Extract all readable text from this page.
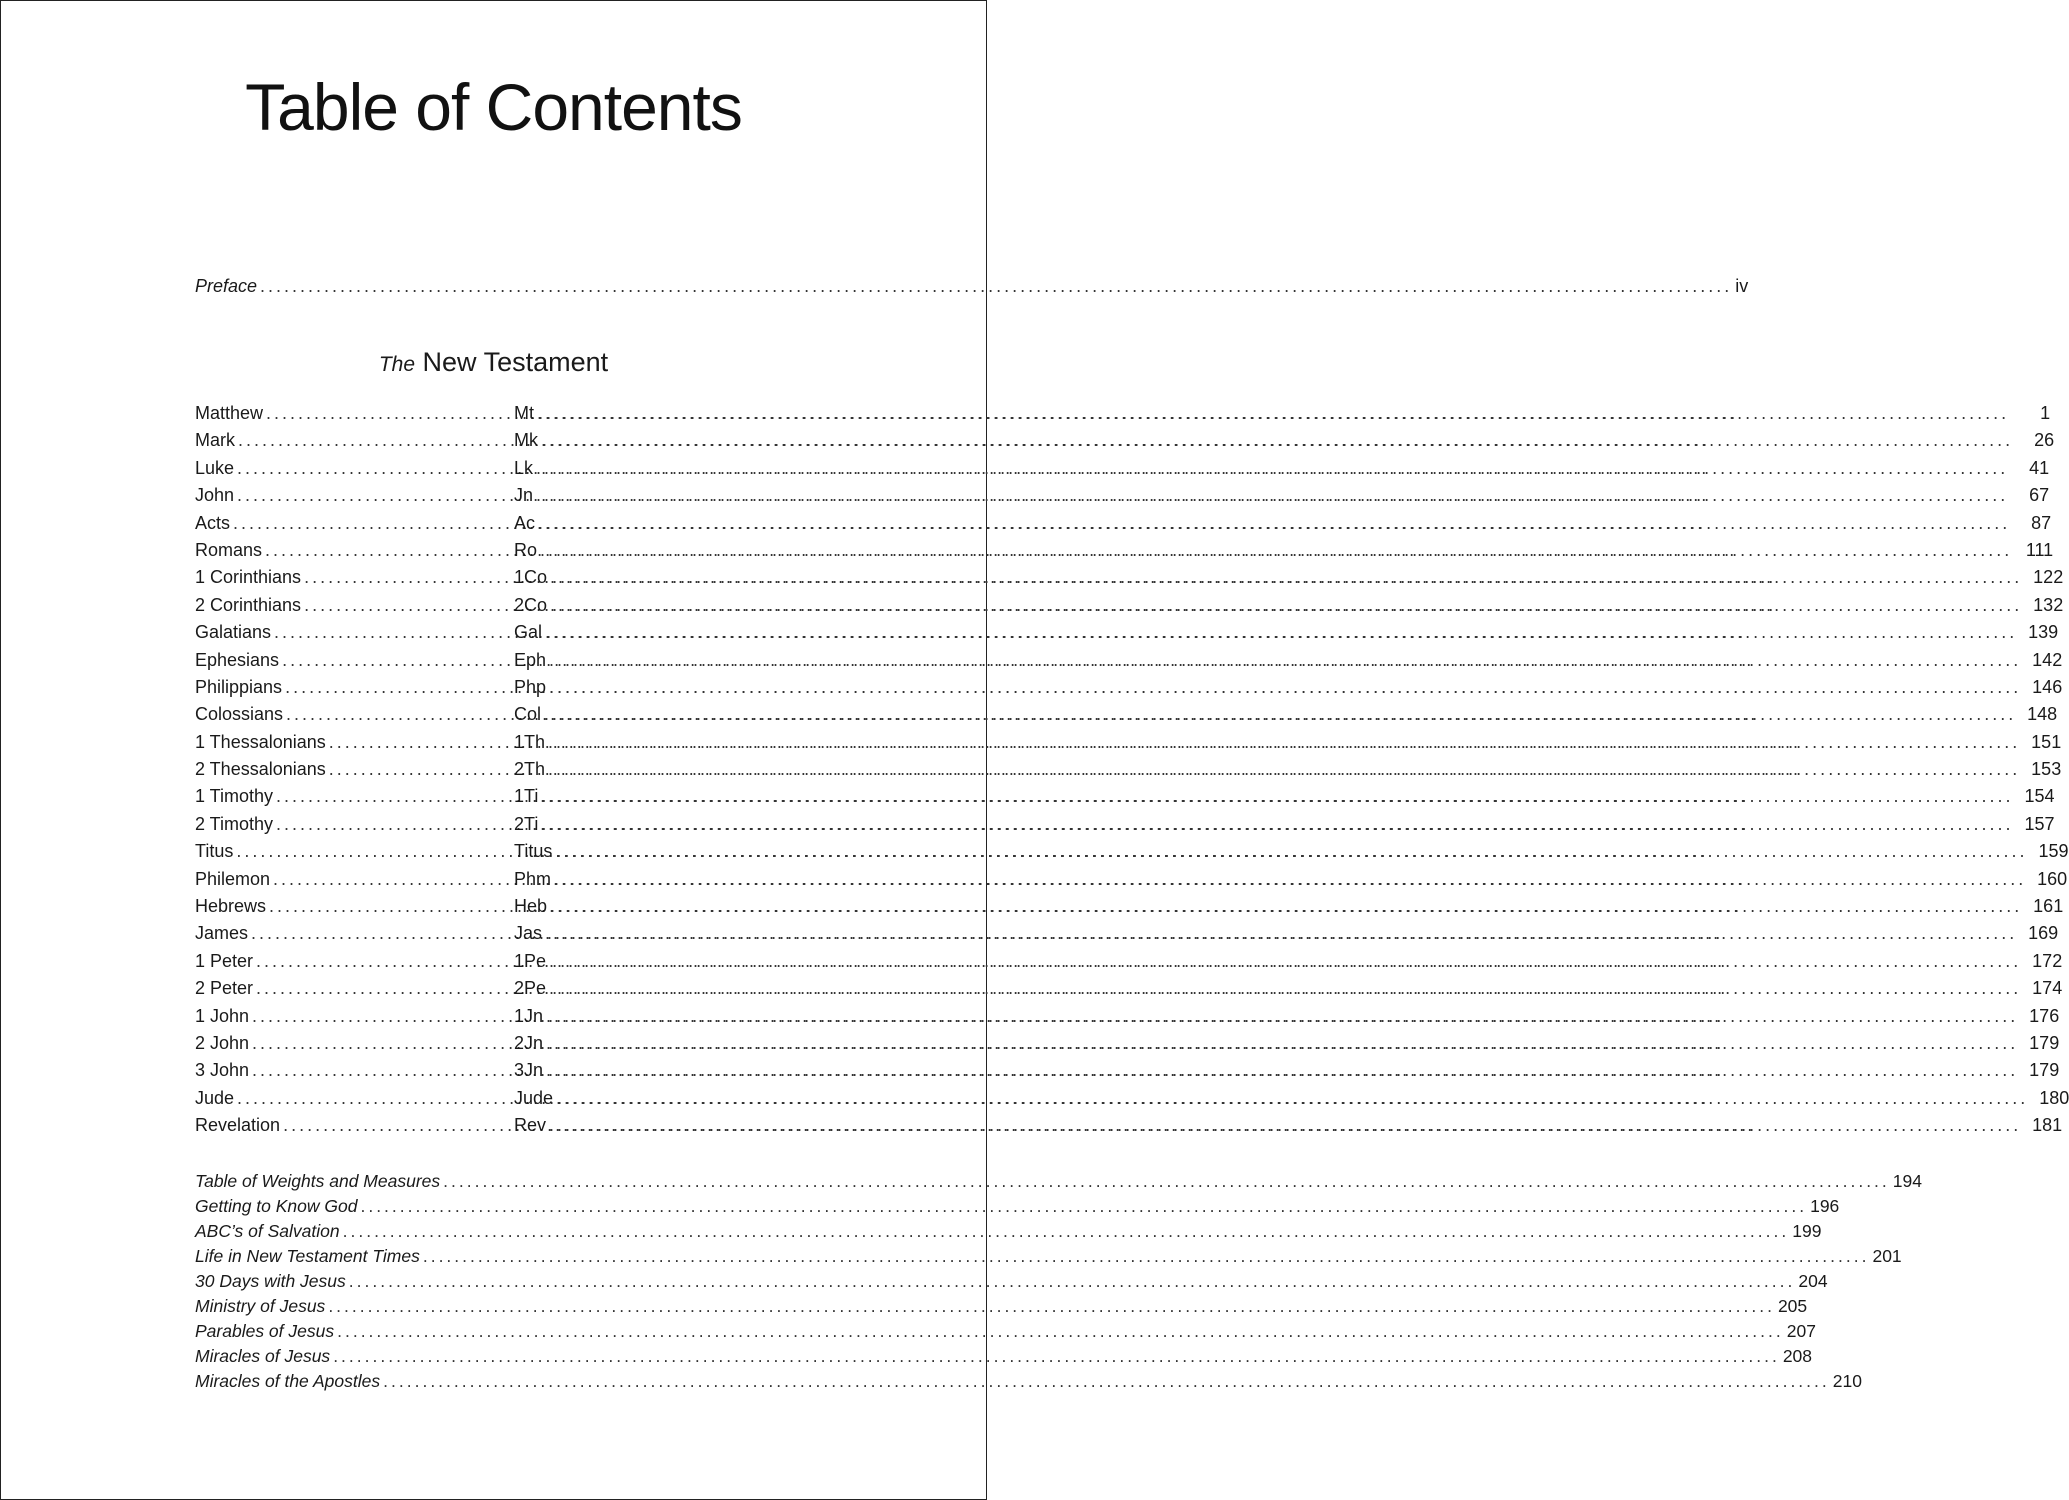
Table of Contents
Preface .....	iv
The New Testament
Matthew .....	Mt .....	1
Mark .....	Mk .....	26
Luke .....	Lk .....	41
John .....	Jn .....	67
Acts .....	Ac .....	87
Romans .....	Ro .....	111
1 Corinthians .....	1Co .....	122
2 Corinthians .....	2Co .....	132
Galatians .....	Gal .....	139
Ephesians .....	Eph .....	142
Philippians .....	Php .....	146
Colossians .....	Col .....	148
1 Thessalonians .....	1Th .....	151
2 Thessalonians .....	2Th .....	153
1 Timothy .....	1Ti .....	154
2 Timothy .....	2Ti .....	157
Titus .....	Titus .....	159
Philemon .....	Phm .....	160
Hebrews .....	Heb .....	161
James .....	Jas .....	169
1 Peter .....	1Pe .....	172
2 Peter .....	2Pe .....	174
1 John .....	1Jn .....	176
2 John .....	2Jn .....	179
3 John .....	3Jn .....	179
Jude .....	Jude .....	180
Revelation .....	Rev .....	181
Table of Weights and Measures .....	194
Getting to Know God .....	196
ABC’s of Salvation .....	199
Life in New Testament Times .....	201
30 Days with Jesus .....	204
Ministry of Jesus .....	205
Parables of Jesus .....	207
Miracles of Jesus .....	208
Miracles of the Apostles .....	210
